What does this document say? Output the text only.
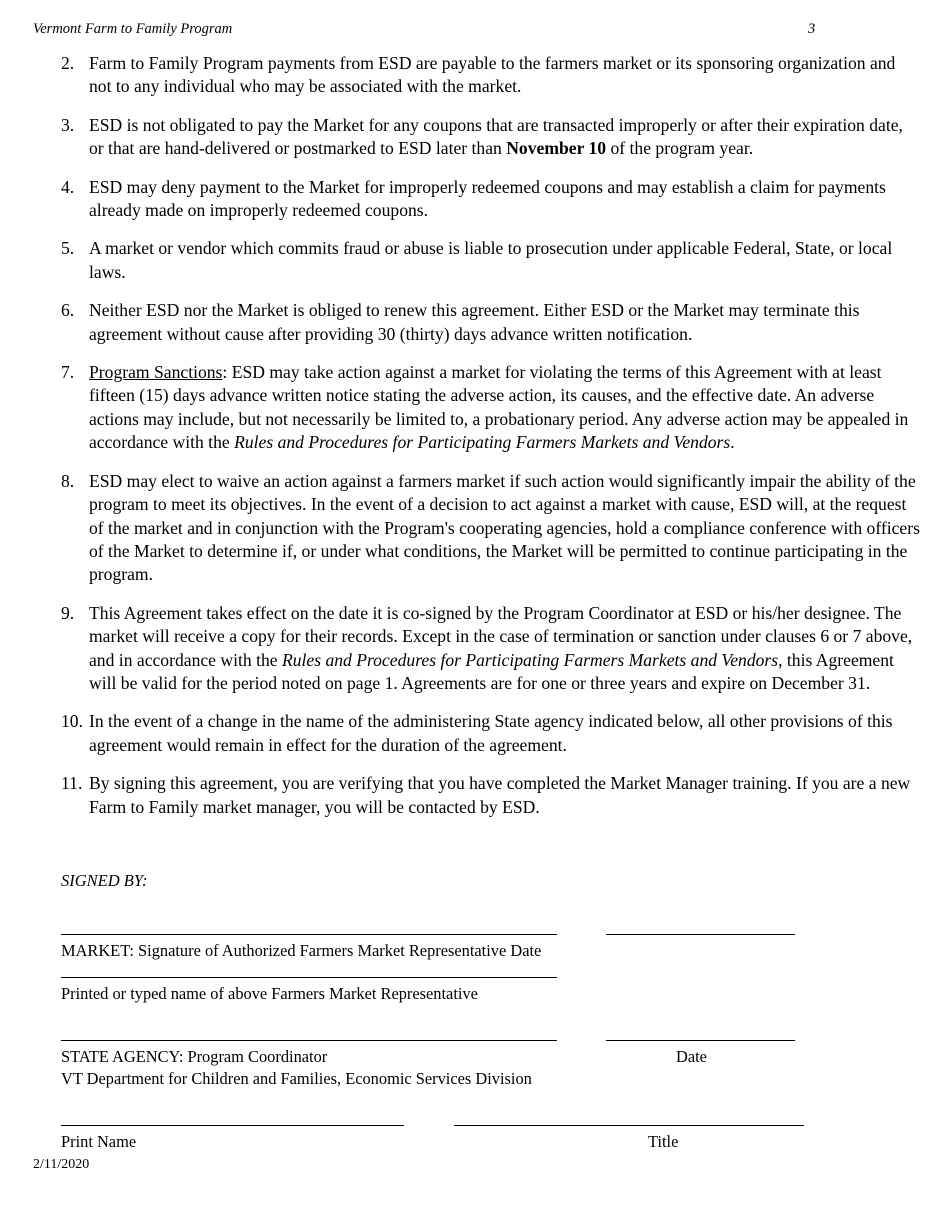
Vermont Farm to Family Program	3
2. Farm to Family Program payments from ESD are payable to the farmers market or its sponsoring organization and not to any individual who may be associated with the market.
3. ESD is not obligated to pay the Market for any coupons that are transacted improperly or after their expiration date, or that are hand-delivered or postmarked to ESD later than November 10 of the program year.
4. ESD may deny payment to the Market for improperly redeemed coupons and may establish a claim for payments already made on improperly redeemed coupons.
5. A market or vendor which commits fraud or abuse is liable to prosecution under applicable Federal, State, or local laws.
6. Neither ESD nor the Market is obliged to renew this agreement. Either ESD or the Market may terminate this agreement without cause after providing 30 (thirty) days advance written notification.
7. Program Sanctions: ESD may take action against a market for violating the terms of this Agreement with at least fifteen (15) days advance written notice stating the adverse action, its causes, and the effective date. An adverse actions may include, but not necessarily be limited to, a probationary period. Any adverse action may be appealed in accordance with the Rules and Procedures for Participating Farmers Markets and Vendors.
8. ESD may elect to waive an action against a farmers market if such action would significantly impair the ability of the program to meet its objectives. In the event of a decision to act against a market with cause, ESD will, at the request of the market and in conjunction with the Program's cooperating agencies, hold a compliance conference with officers of the Market to determine if, or under what conditions, the Market will be permitted to continue participating in the program.
9. This Agreement takes effect on the date it is co-signed by the Program Coordinator at ESD or his/her designee. The market will receive a copy for their records. Except in the case of termination or sanction under clauses 6 or 7 above, and in accordance with the Rules and Procedures for Participating Farmers Markets and Vendors, this Agreement will be valid for the period noted on page 1. Agreements are for one or three years and expire on December 31.
10. In the event of a change in the name of the administering State agency indicated below, all other provisions of this agreement would remain in effect for the duration of the agreement.
11. By signing this agreement, you are verifying that you have completed the Market Manager training. If you are a new Farm to Family market manager, you will be contacted by ESD.
SIGNED BY:
MARKET: Signature of Authorized Farmers Market Representative Date
Printed or typed name of above Farmers Market Representative
STATE AGENCY: Program Coordinator	Date
VT Department for Children and Families, Economic Services Division
Print Name	Title
2/11/2020
